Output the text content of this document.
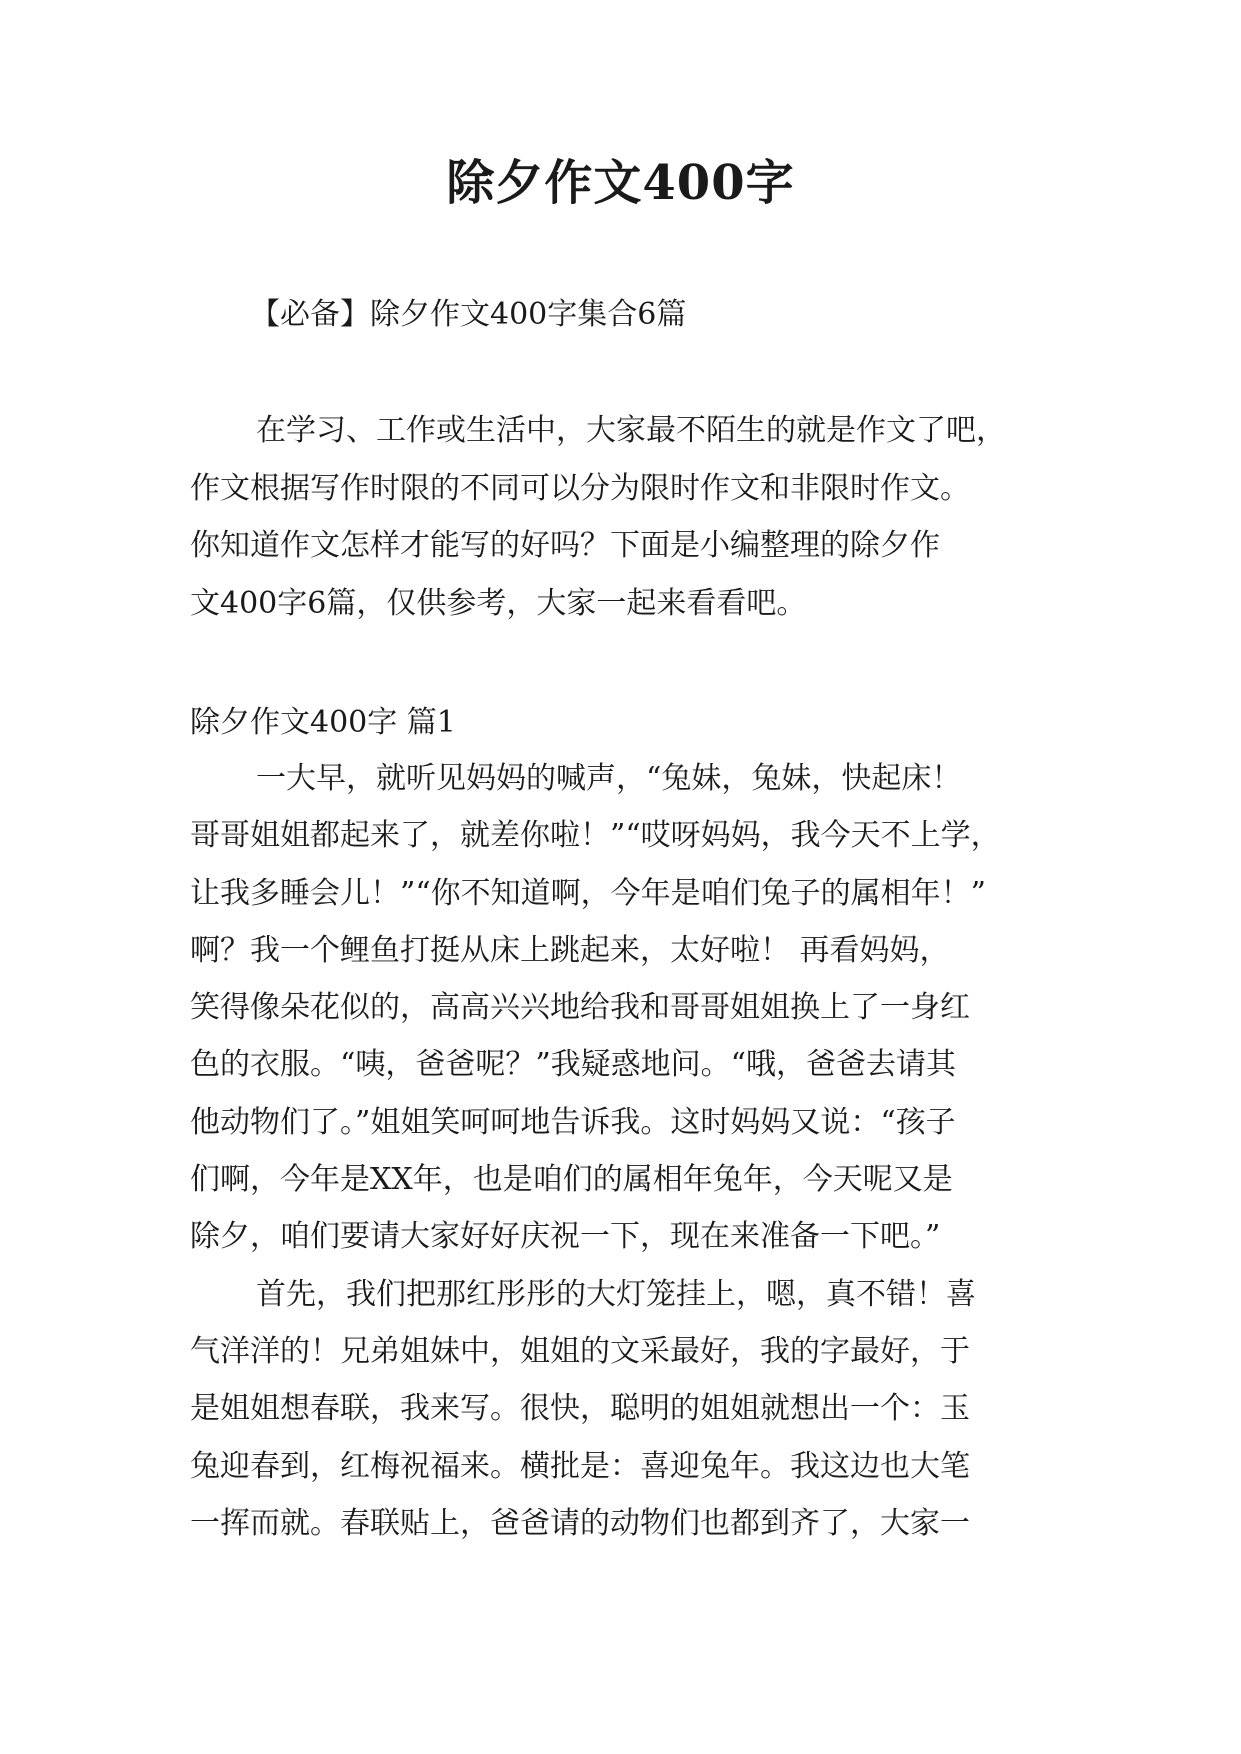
除夕作文400字
【必备】除夕作文400字集合6篇
在学习、工作或生活中，大家最不陌生的就是作文了吧，
作文根据写作时限的不同可以分为限时作文和非限时作文。
你知道作文怎样才能写的好吗？下面是小编整理的除夕作
文400字6篇，仅供参考，大家一起来看看吧。
除夕作文400字 篇1
一大早，就听见妈妈的喊声，“兔妹，兔妹，快起床！
哥哥姐姐都起来了，就差你啦！”“哎呀妈妈，我今天不上学，
让我多睡会儿！”“你不知道啊，今年是咱们兔子的属相年！”
啊？我一个鲤鱼打挺从床上跳起来，太好啦！ 再看妈妈，
笑得像朵花似的，高高兴兴地给我和哥哥姐姐换上了一身红
色的衣服。“咦，爸爸呢？”我疑惑地问。“哦，爸爸去请其
他动物们了。”姐姐笑呵呵地告诉我。这时妈妈又说：“孩子
们啊，今年是XX年，也是咱们的属相年兔年，今天呢又是
除夕，咱们要请大家好好庆祝一下，现在来准备一下吧。”
首先，我们把那红彤彤的大灯笼挂上，嗯，真不错！喜
气洋洋的！兄弟姐妹中，姐姐的文采最好，我的字最好，于
是姐姐想春联，我来写。很快，聪明的姐姐就想出一个：玉
兔迎春到，红梅祝福来。横批是：喜迎兔年。我这边也大笔
一挥而就。春联贴上，爸爸请的动物们也都到齐了，大家一
